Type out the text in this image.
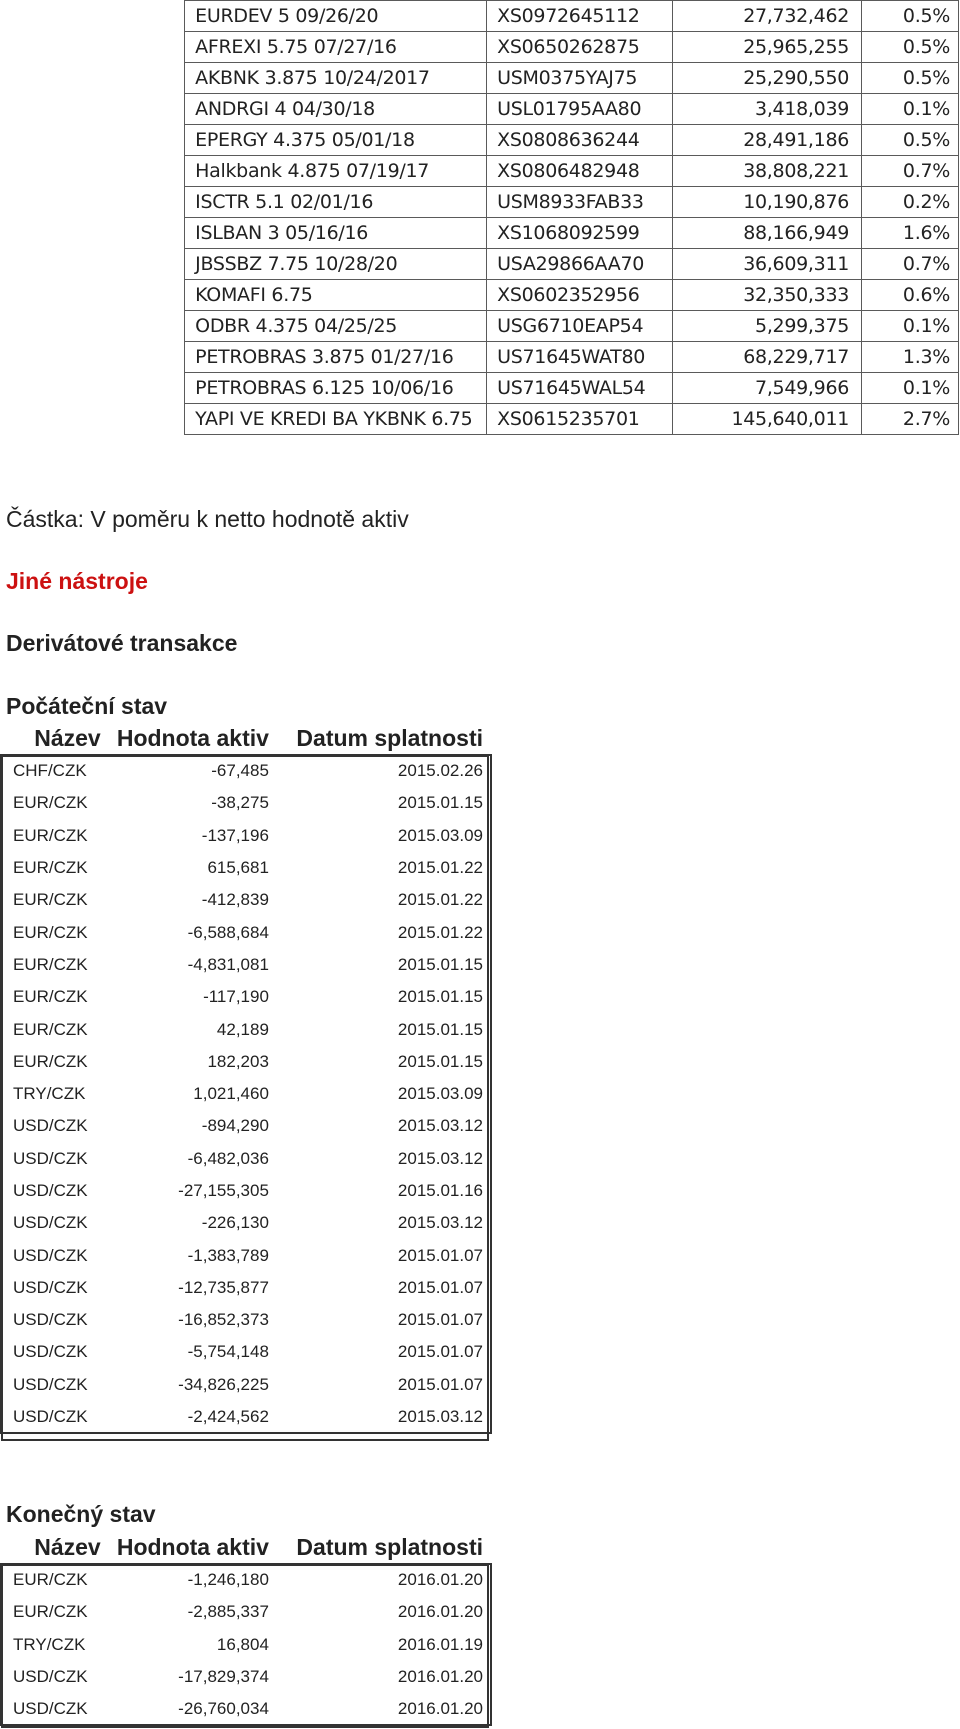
	EURDEV 5 09/26/20	XS0972645112	27,732,462	0.5%
	AFREXI 5.75 07/27/16	XS0650262875	25,965,255	0.5%
	AKBNK 3.875 10/24/2017	USM0375YAJ75	25,290,550	0.5%
	ANDRGI 4 04/30/18	USL01795AA80	3,418,039	0.1%
	EPERGY 4.375 05/01/18	XS0808636244	28,491,186	0.5%
	Halkbank 4.875 07/19/17	XS0806482948	38,808,221	0.7%
	ISCTR 5.1 02/01/16	USM8933FAB33	10,190,876	0.2%
	ISLBAN 3 05/16/16	XS1068092599	88,166,949	1.6%
	JBSSBZ 7.75 10/28/20	USA29866AA70	36,609,311	0.7%
	KOMAFI 6.75	XS0602352956	32,350,333	0.6%
	ODBR 4.375 04/25/25	USG6710EAP54	5,299,375	0.1%
	PETROBRAS 3.875 01/27/16	US71645WAT80	68,229,717	1.3%
	PETROBRAS 6.125 10/06/16	US71645WAL54	7,549,966	0.1%
	YAPI VE KREDI BA YKBNK 6.75	XS0615235701	145,640,011	2.7%
Částka: V poměru k netto hodnotě aktiv
Jiné nástroje
Derivátové transakce
Počáteční stav
Název	Hodnota aktiv	Datum splatnosti
CHF/CZK	-67,485	2015.02.26
EUR/CZK	-38,275	2015.01.15
EUR/CZK	-137,196	2015.03.09
EUR/CZK	615,681	2015.01.22
EUR/CZK	-412,839	2015.01.22
EUR/CZK	-6,588,684	2015.01.22
EUR/CZK	-4,831,081	2015.01.15
EUR/CZK	-117,190	2015.01.15
EUR/CZK	42,189	2015.01.15
EUR/CZK	182,203	2015.01.15
TRY/CZK	1,021,460	2015.03.09
USD/CZK	-894,290	2015.03.12
USD/CZK	-6,482,036	2015.03.12
USD/CZK	-27,155,305	2015.01.16
USD/CZK	-226,130	2015.03.12
USD/CZK	-1,383,789	2015.01.07
USD/CZK	-12,735,877	2015.01.07
USD/CZK	-16,852,373	2015.01.07
USD/CZK	-5,754,148	2015.01.07
USD/CZK	-34,826,225	2015.01.07
USD/CZK	-2,424,562	2015.03.12
Konečný stav
Název	Hodnota aktiv	Datum splatnosti
EUR/CZK	-1,246,180	2016.01.20
EUR/CZK	-2,885,337	2016.01.20
TRY/CZK	16,804	2016.01.19
USD/CZK	-17,829,374	2016.01.20
USD/CZK	-26,760,034	2016.01.20
